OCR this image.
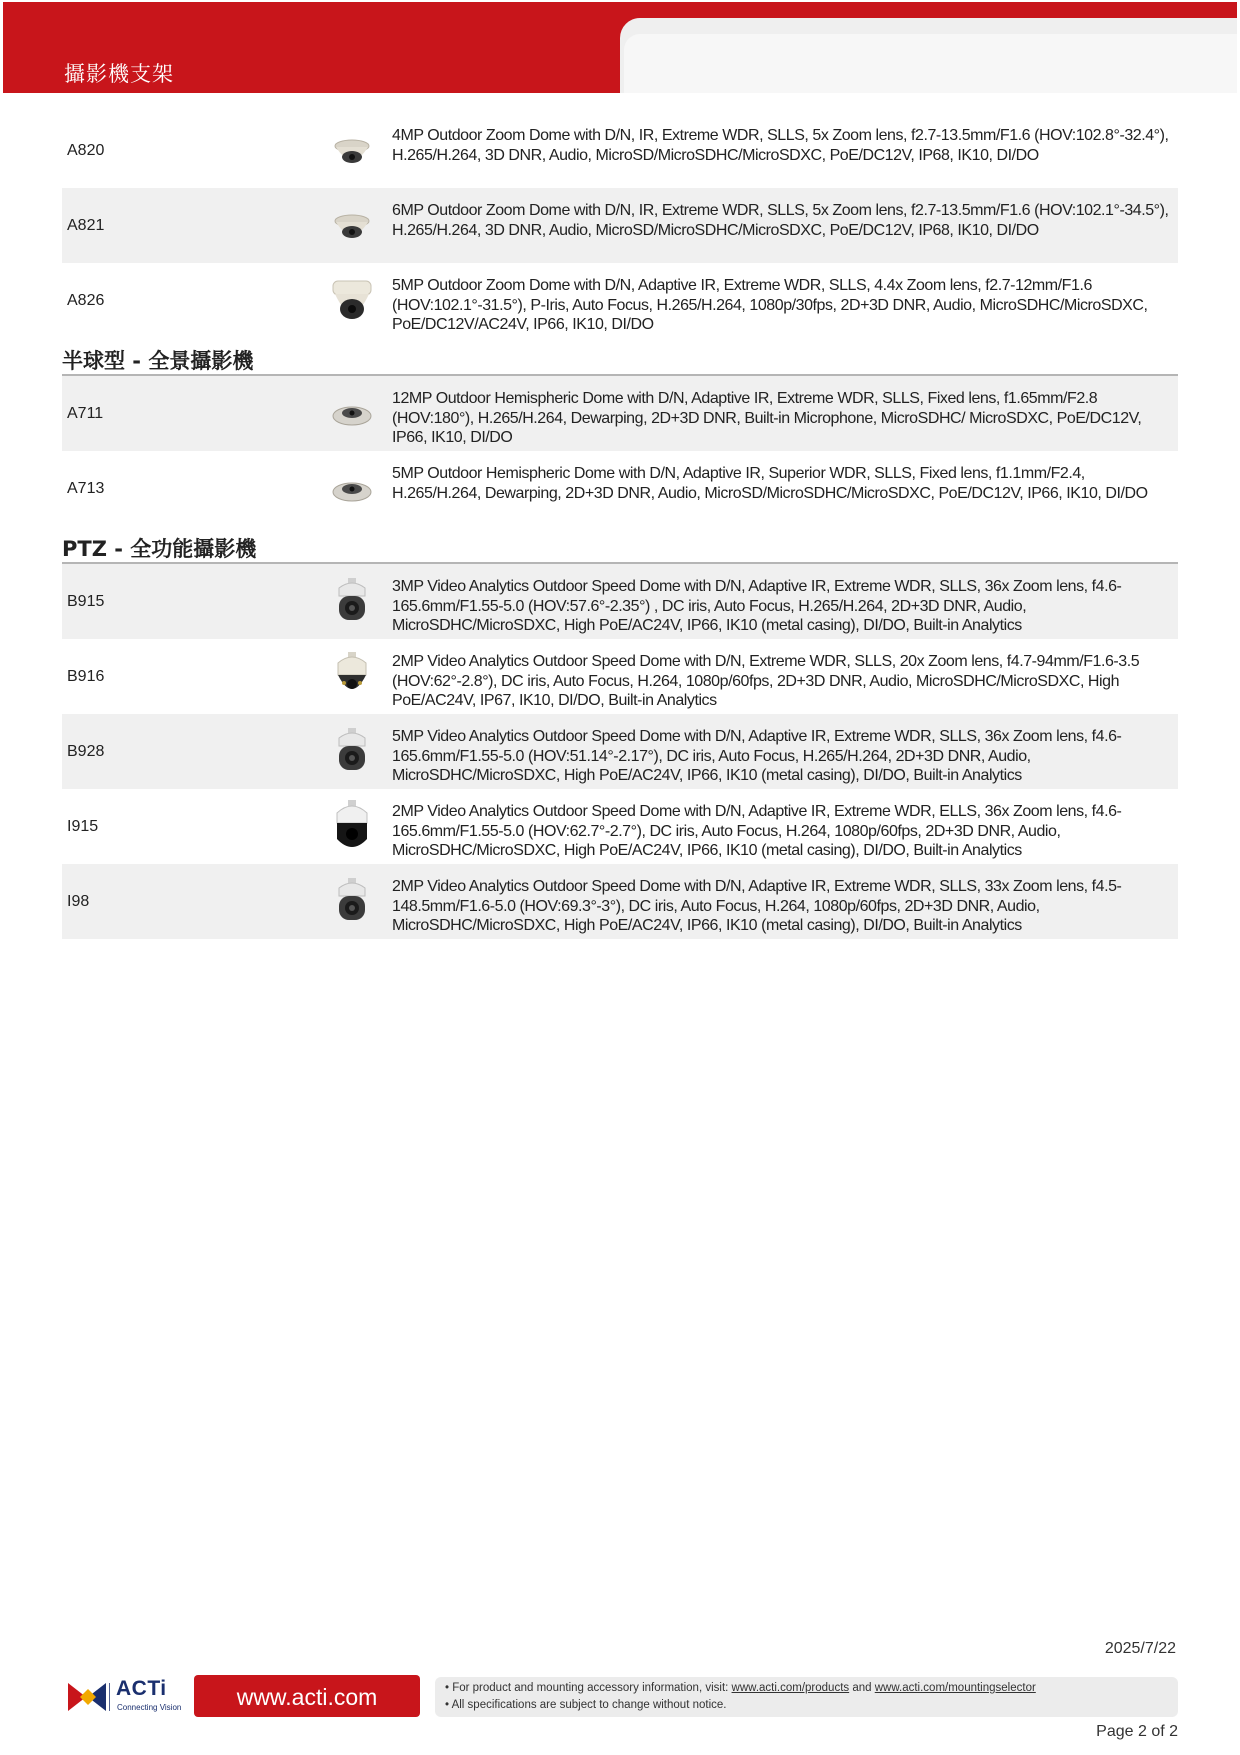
攝影機支架
A820
4MP Outdoor Zoom Dome with D/N, IR, Extreme WDR, SLLS, 5x Zoom lens, f2.7-13.5mm/F1.6 (HOV:102.8°-32.4°), H.265/H.264, 3D DNR, Audio, MicroSD/MicroSDHC/MicroSDXC, PoE/DC12V, IP68, IK10, DI/DO
A821
6MP Outdoor Zoom Dome with D/N, IR, Extreme WDR, SLLS, 5x Zoom lens, f2.7-13.5mm/F1.6 (HOV:102.1°-34.5°), H.265/H.264, 3D DNR, Audio, MicroSD/MicroSDHC/MicroSDXC, PoE/DC12V, IP68, IK10, DI/DO
A826
5MP Outdoor Zoom Dome with D/N, Adaptive IR, Extreme WDR, SLLS, 4.4x Zoom lens, f2.7-12mm/F1.6 (HOV:102.1°-31.5°), P-Iris, Auto Focus, H.265/H.264, 1080p/30fps, 2D+3D DNR, Audio, MicroSDHC/MicroSDXC, PoE/DC12V/AC24V, IP66, IK10, DI/DO
半球型 - 全景攝影機
A711
12MP Outdoor Hemispheric Dome with D/N, Adaptive IR, Extreme WDR, SLLS, Fixed lens, f1.65mm/F2.8 (HOV:180°), H.265/H.264, Dewarping, 2D+3D DNR, Built-in Microphone, MicroSDHC/ MicroSDXC, PoE/DC12V, IP66, IK10, DI/DO
A713
5MP Outdoor Hemispheric Dome with D/N, Adaptive IR, Superior WDR, SLLS, Fixed lens, f1.1mm/F2.4, H.265/H.264, Dewarping, 2D+3D DNR, Audio, MicroSD/MicroSDHC/MicroSDXC, PoE/DC12V, IP66, IK10, DI/DO
PTZ - 全功能攝影機
B915
3MP Video Analytics Outdoor Speed Dome with D/N, Adaptive IR, Extreme WDR, SLLS, 36x Zoom lens, f4.6-165.6mm/F1.55-5.0 (HOV:57.6°-2.35°) , DC iris, Auto Focus, H.265/H.264, 2D+3D DNR, Audio, MicroSDHC/MicroSDXC, High PoE/AC24V, IP66, IK10 (metal casing), DI/DO, Built-in Analytics
B916
2MP Video Analytics Outdoor Speed Dome with D/N, Extreme WDR, SLLS, 20x Zoom lens, f4.7-94mm/F1.6-3.5 (HOV:62°-2.8°), DC iris, Auto Focus, H.264, 1080p/60fps, 2D+3D DNR, Audio, MicroSDHC/MicroSDXC, High PoE/AC24V, IP67, IK10, DI/DO, Built-in Analytics
B928
5MP Video Analytics Outdoor Speed Dome with D/N, Adaptive IR, Extreme WDR, SLLS, 36x Zoom lens, f4.6-165.6mm/F1.55-5.0 (HOV:51.14°-2.17°), DC iris, Auto Focus, H.265/H.264, 2D+3D DNR, Audio, MicroSDHC/MicroSDXC, High PoE/AC24V, IP66, IK10 (metal casing), DI/DO, Built-in Analytics
I915
2MP Video Analytics Outdoor Speed Dome with D/N, Adaptive IR, Extreme WDR, ELLS, 36x Zoom lens, f4.6-165.6mm/F1.55-5.0 (HOV:62.7°-2.7°), DC iris, Auto Focus, H.264, 1080p/60fps, 2D+3D DNR, Audio, MicroSDHC/MicroSDXC, High PoE/AC24V, IP66, IK10 (metal casing), DI/DO, Built-in Analytics
I98
2MP Video Analytics Outdoor Speed Dome with D/N, Adaptive IR, Extreme WDR, SLLS, 33x Zoom lens, f4.5-148.5mm/F1.6-5.0 (HOV:69.3°-3°), DC iris, Auto Focus, H.264, 1080p/60fps, 2D+3D DNR, Audio, MicroSDHC/MicroSDXC, High PoE/AC24V, IP66, IK10 (metal casing), DI/DO, Built-in Analytics
2025/7/22
ACTi
Connecting Vision	www.acti.com	• For product and mounting accessory information, visit: www.acti.com/products and www.acti.com/mountingselector
• All specifications are subject to change without notice.
Page 2 of 2
